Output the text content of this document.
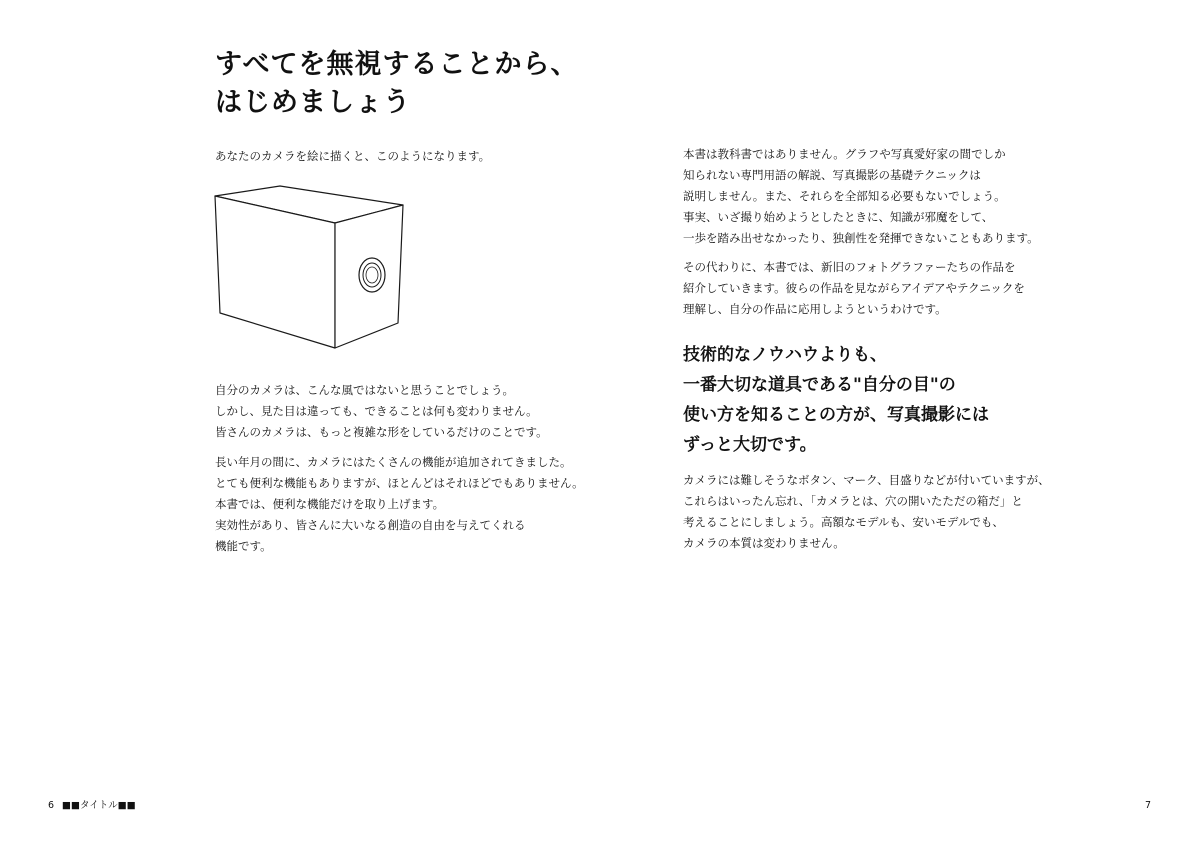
すべてを無視することから、
はじめましょう

あなたのカメラを絵に描くと、このようになります。

自分のカメラは、こんな風ではないと思うことでしょう。
しかし、見た目は違っても、できることは何も変わりません。
皆さんのカメラは、もっと複雑な形をしているだけのことです。

長い年月の間に、カメラにはたくさんの機能が追加されてきました。
とても便利な機能もありますが、ほとんどはそれほどでもありません。
本書では、便利な機能だけを取り上げます。
実効性があり、皆さんに大いなる創造の自由を与えてくれる
機能です。

6 ■■タイトル■■

本書は教科書ではありません。グラフや写真愛好家の間でしか
知られない専門用語の解説、写真撮影の基礎テクニックは
説明しません。また、それらを全部知る必要もないでしょう。
事実、いざ撮り始めようとしたときに、知識が邪魔をして、
一歩を踏み出せなかったり、独創性を発揮できないこともあります。

その代わりに、本書では、新旧のフォトグラファーたちの作品を
紹介していきます。彼らの作品を見ながらアイデアやテクニックを
理解し、自分の作品に応用しようというわけです。

技術的なノウハウよりも、
一番大切な道具である"自分の目"の
使い方を知ることの方が、写真撮影には
ずっと大切です。

カメラには難しそうなボタン、マーク、目盛りなどが付いていますが、
これらはいったん忘れ、「カメラとは、穴の開いたただの箱だ」と
考えることにしましょう。高額なモデルも、安いモデルでも、
カメラの本質は変わりません。

7
